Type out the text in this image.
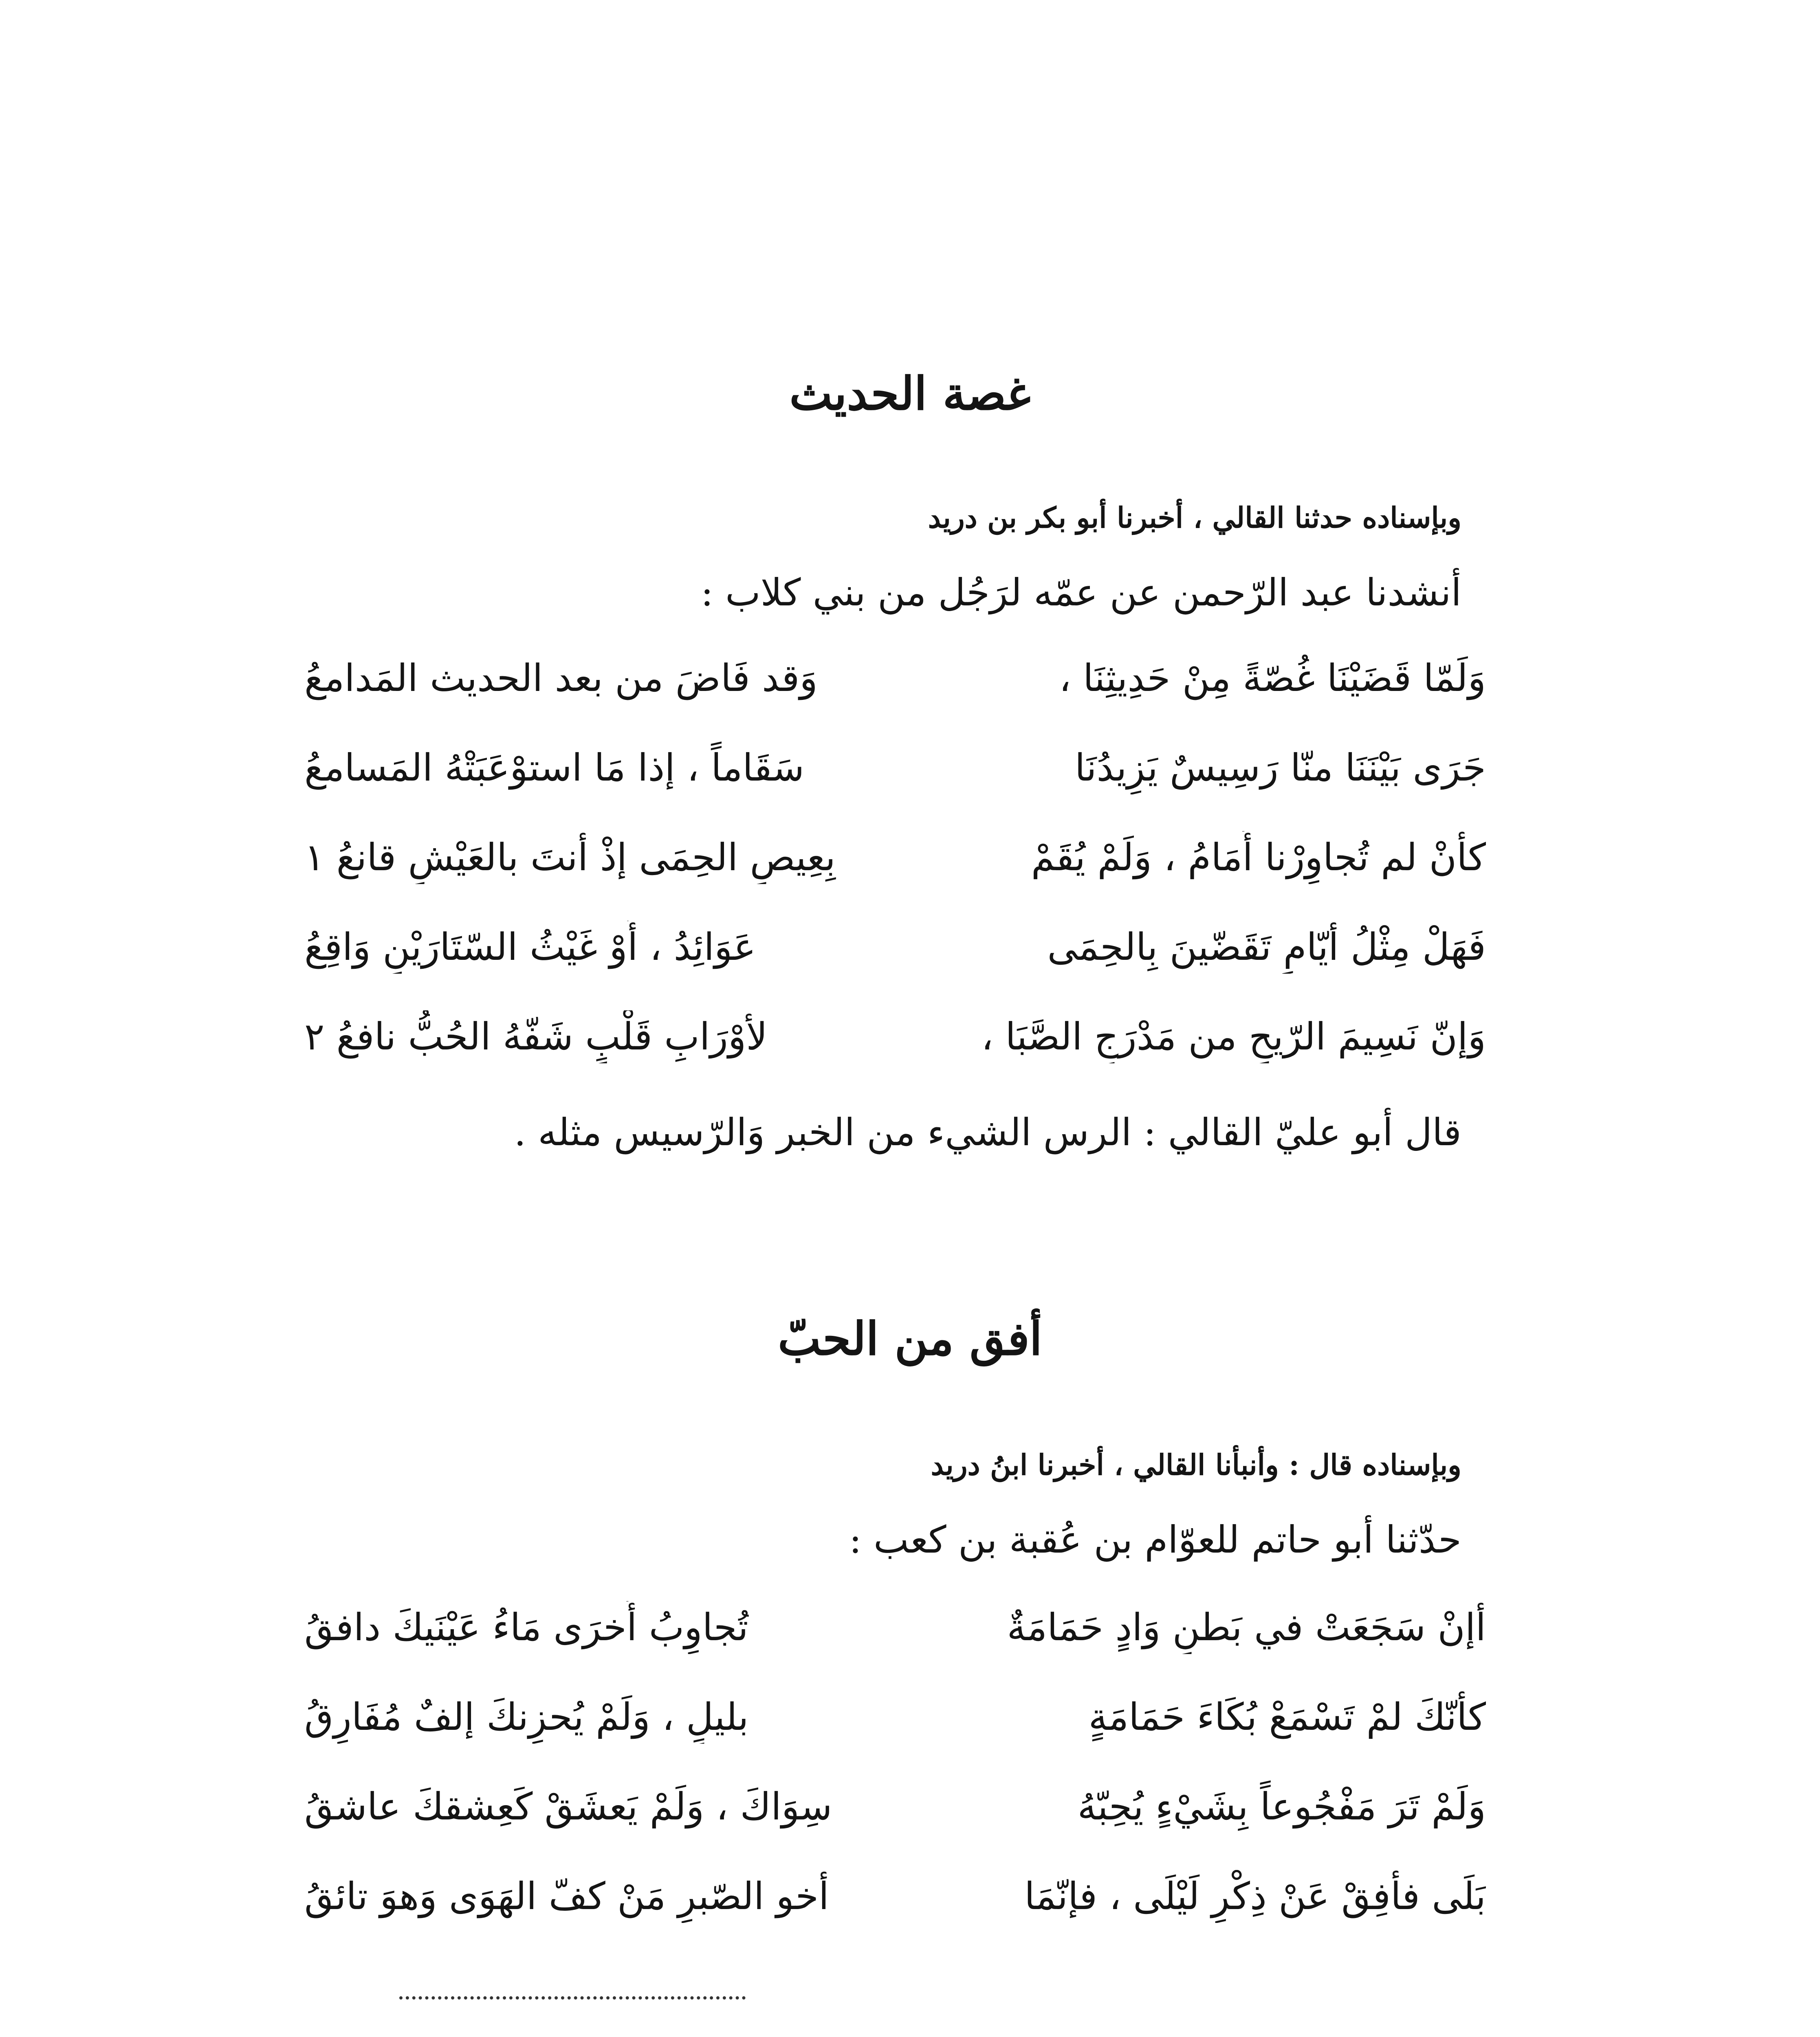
غصة الحديث
وبإسناده حدثنا القالي ، أخبرنا أبو بكر بن دريد
أنشدنا عبد الرّحمن عن عمّه لرَجُل من بني كلاب :
وَلَمّا قَضَيْنَا غُصّةً مِنْ حَدِيثِنَا ،
وَقد فَاضَ من بعد الحديث المَدامعُ
جَرَى بَيْنَنَا منّا رَسِيسٌ يَزِيدُنَا
سَقَاماً ، إذا مَا استوْعَبَتْهُ المَسامعُ
كأنْ لم تُجاوِرْنا أُمَامُ ، وَلَمْ يُقَمْ
بِعِيصِ الحِمَى إذْ أنتَ بالعَيْشِ قانعُ ١
فَهَلْ مِثْلُ أيّامٍ تَقَضّينَ بِالحِمَى
عَوَائِدُ ، أَوْ غَيْثُ السّتَارَيْنِ وَاقِعُ
وَإنّ نَسِيمَ الرّيحِ من مَدْرَجِ الصَّبَا ،
لأوْرَابِ قَلْبٍ شَفّهُ الحُبُّ نافعُ ٢
قال أبو عليّ القالي : الرس الشيء من الخبر وَالرّسيس مثله .
أفق من الحبّ
وبإسناده قال : وأنبأنا القالي ، أخبرنا ابنُ دريد
حدّثنا أبو حاتم للعوّام بن عُقبة بن كعب :
أإنْ سَجَعَتْ في بَطنِ وَادٍ حَمَامَةٌ
تُجاوِبُ أُخرَى مَاءُ عَيْنَيكَ دافقُ
كأنّكَ لمْ تَسْمَعْ بُكَاءَ حَمَامَةٍ
بليلٍ ، وَلَمْ يُحزِنكَ إلفٌ مُفَارِقُ
وَلَمْ تَرَ مَفْجُوعاً بِشَيْءٍ يُحِبّهُ
سِوَاكَ ، وَلَمْ يَعشَقْ كَعِشقكَ عاشقُ
بَلَى فأفِقْ عَنْ ذِكْرِ لَيْلَى ، فإنّمَا
أخو الصّبرِ مَنْ كفّ الهَوَى وَهوَ تائقُ
